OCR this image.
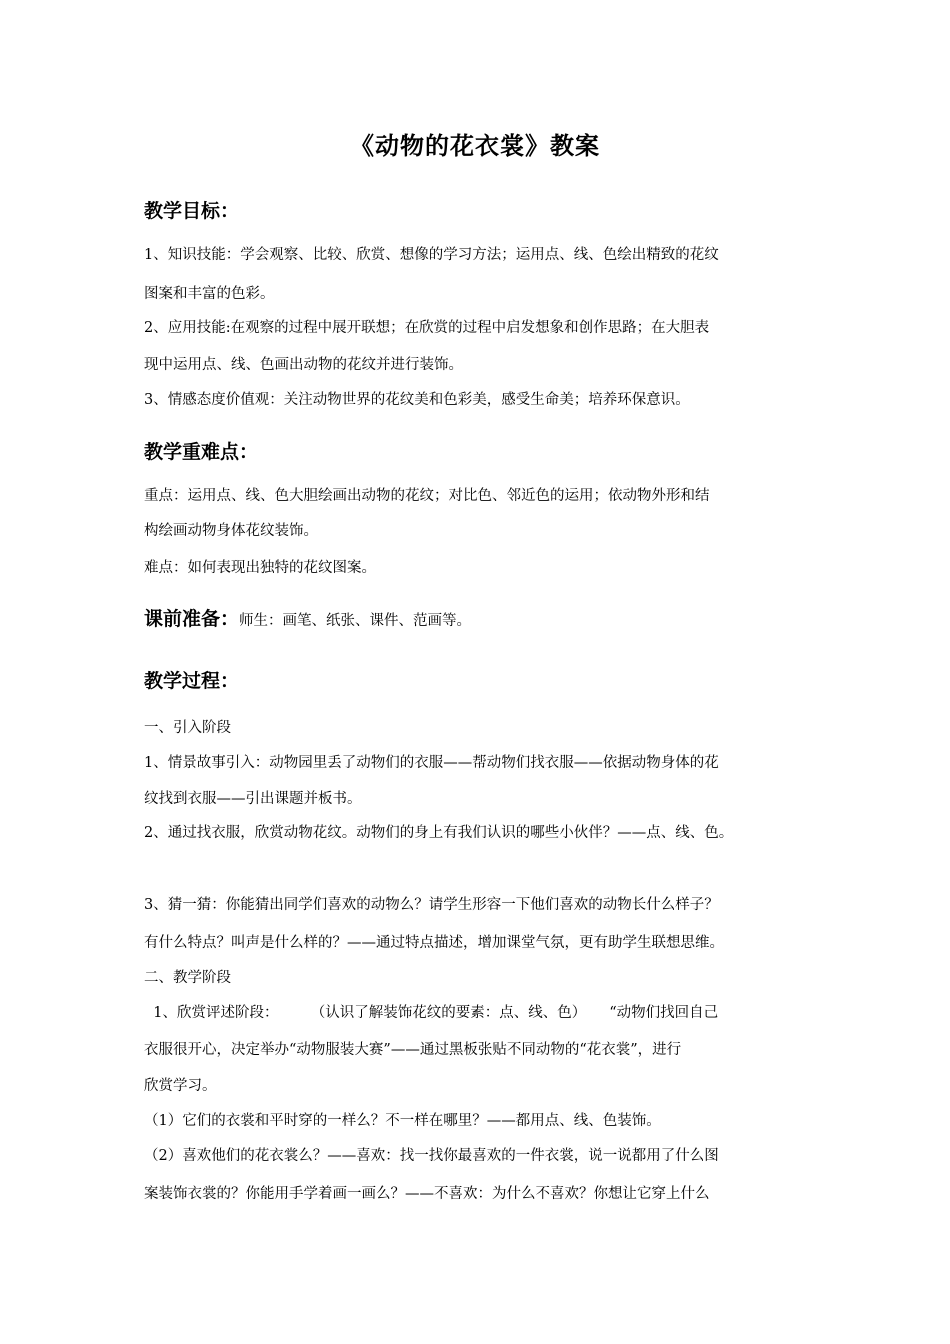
《动物的花衣裳》教案
教学目标：
1、知识技能：学会观察、比较、欣赏、想像的学习方法；运用点、线、色绘出精致的花纹
图案和丰富的色彩。
2、应用技能:在观察的过程中展开联想；在欣赏的过程中启发想象和创作思路；在大胆表
现中运用点、线、色画出动物的花纹并进行装饰。
3、情感态度价值观：关注动物世界的花纹美和色彩美，感受生命美；培养环保意识。
教学重难点：
重点：运用点、线、色大胆绘画出动物的花纹；对比色、邻近色的运用；依动物外形和结
构绘画动物身体花纹装饰。
难点：如何表现出独特的花纹图案。
课前准备：师生：画笔、纸张、课件、范画等。
教学过程：
一、引入阶段
1、情景故事引入：动物园里丢了动物们的衣服——帮动物们找衣服——依据动物身体的花
纹找到衣服——引出课题并板书。
2、通过找衣服，欣赏动物花纹。动物们的身上有我们认识的哪些小伙伴？——点、线、色。
3、猜一猜：你能猜出同学们喜欢的动物么？请学生形容一下他们喜欢的动物长什么样子？
有什么特点？叫声是什么样的？——通过特点描述，增加课堂气氛，更有助学生联想思维。
二、教学阶段
1、欣赏评述阶段：       （认识了解装饰花纹的要素：点、线、色）     “动物们找回自己
衣服很开心，决定举办“动物服装大赛”——通过黑板张贴不同动物的“花衣裳”，进行
欣赏学习。
（1）它们的衣裳和平时穿的一样么？不一样在哪里？——都用点、线、色装饰。
（2）喜欢他们的花衣裳么？——喜欢：找一找你最喜欢的一件衣裳，说一说都用了什么图
案装饰衣裳的？你能用手学着画一画么？——不喜欢：为什么不喜欢？你想让它穿上什么
